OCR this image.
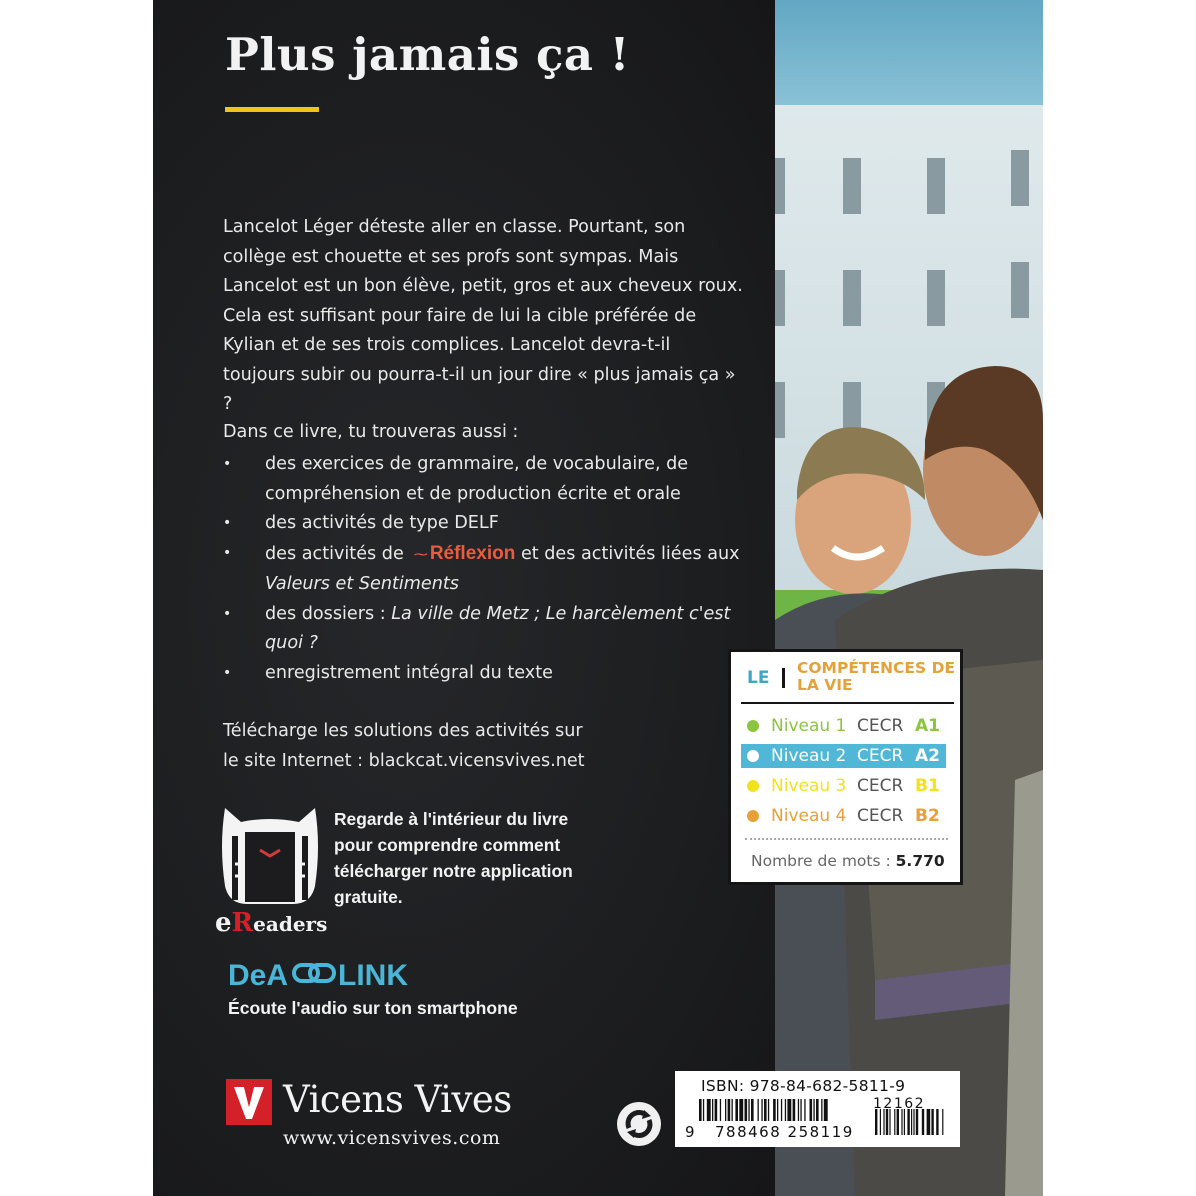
Plus jamais ça !

Lancelot Léger déteste aller en classe. Pourtant, son collège est chouette et ses profs sont sympas. Mais Lancelot est un bon élève, petit, gros et aux cheveux roux. Cela est suffisant pour faire de lui la cible préférée de Kylian et de ses trois complices. Lancelot devra-t-il toujours subir ou pourra-t-il un jour dire « plus jamais ça » ?

Dans ce livre, tu trouveras aussi :

• des exercices de grammaire, de vocabulaire, de compréhension et de production écrite et orale
• des activités de type DELF
• des activités de  ⁓ Réflexion et des activités liées aux Valeurs et Sentiments
• des dossiers : La ville de Metz ; Le harcèlement c'est quoi ?
• enregistrement intégral du texte

Télécharge les solutions des activités sur le site Internet : blackcat.vicensvives.net

eReaders

Regarde à l'intérieur du livre pour comprendre comment télécharger notre application gratuite.

DeA LINK

Écoute l'audio sur ton smartphone

Vicens Vives

www.vicensvives.com

LE COMPÉTENCES DE LA VIE

Niveau 1 CECR A1
Niveau 2 CECR A2
Niveau 3 CECR B1
Niveau 4 CECR B2

Nombre de mots : 5.770

ISBN: 978-84-682-5811-9

9 788468 258119

12162
